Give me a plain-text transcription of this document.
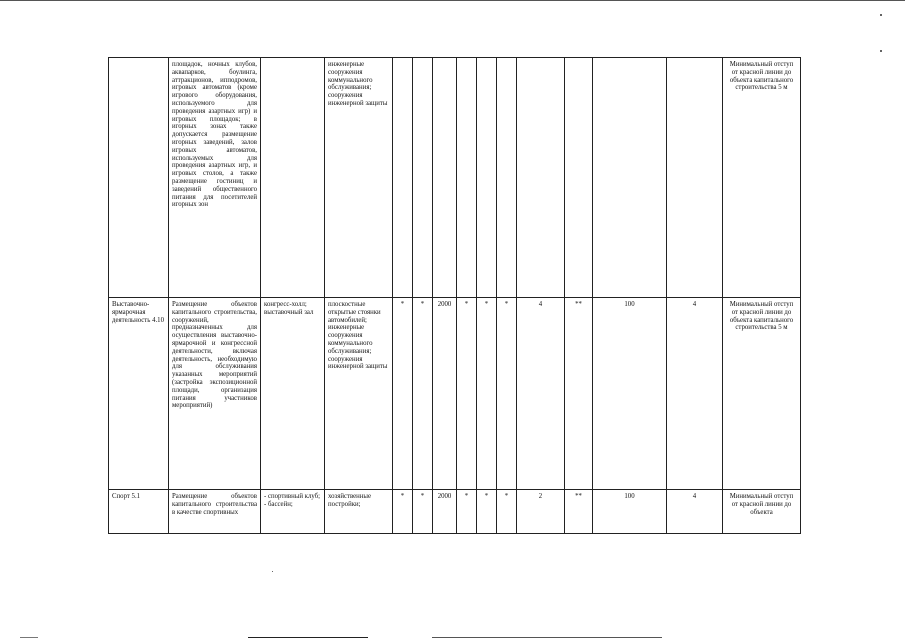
	площадок, ночных клубов, аквапарков, боулинга, аттракционов, ипподромов, игровых автоматов (кроме игрового оборудования, используемого для проведения азартных игр) и игровых площадок; в игорных зонах также допускается размещение игорных заведений, залов игровых автоматов, используемых для проведения азартных игр, и игровых столов, а также размещение гостиниц и заведений общественного питания для посетителей игорных зон		инженерные сооружения коммунального обслуживания; сооружения инженерной защиты											Минимальный отступ от красной линии до объекта капитального строительства 5 м
Выставочно-ярмарочная деятельность 4.10	Размещение объектов капитального строительства, сооружений, предназначенных для осуществления выставочно-ярмарочной и конгрессной деятельности, включая деятельность, необходимую для обслуживания указанных мероприятий (застройка экспозиционной площади, организация питания участников мероприятий)	конгресс-холл; выставочный зал	плоскостные открытые стоянки автомобилей; инженерные сооружения коммунального обслуживания; сооружения инженерной защиты	*	*	2000	*	*	*	4	**	100	4	Минимальный отступ от красной линии до объекта капитального строительства 5 м
Спорт 5.1	Размещение объектов капитального строительства в качестве спортивных	- спортивный клуб; - бассейн;	хозяйственные постройки;	*	*	2000	*	*	*	2	**	100	4	Минимальный отступ от красной линии до объекта
